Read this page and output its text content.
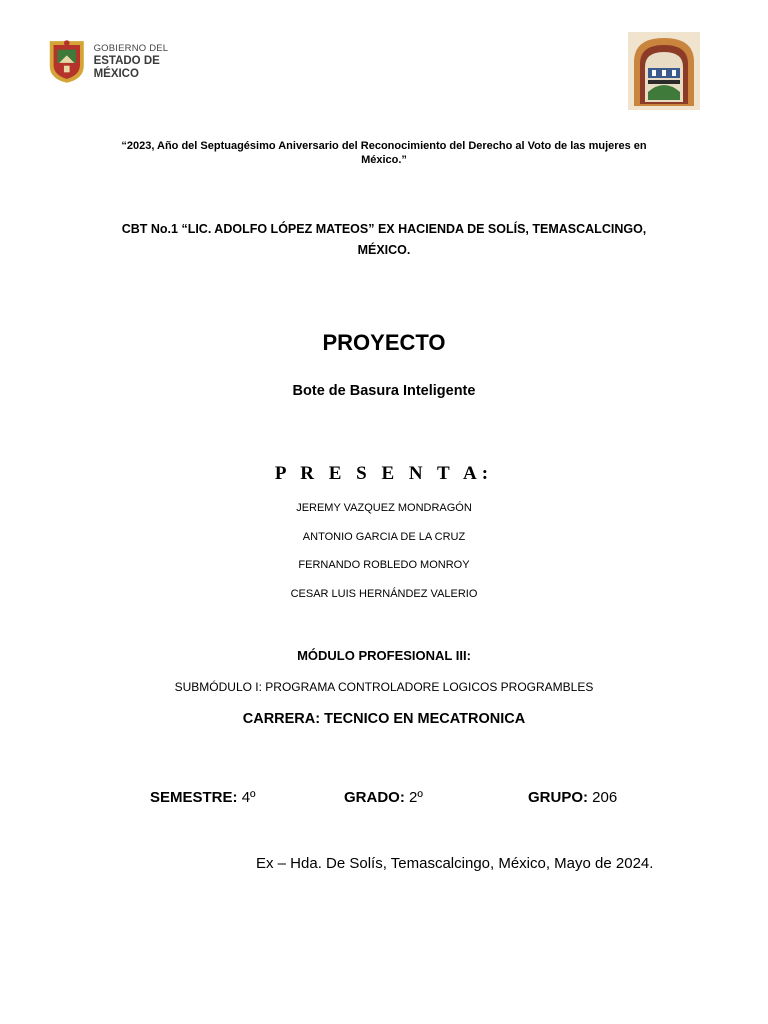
GOBIERNO DEL
ESTADO DE MÉXICO
“2023, Año del Septuagésimo Aniversario del Reconocimiento del Derecho al Voto de las mujeres en
México.”
CBT No.1 “LIC. ADOLFO LÓPEZ MATEOS” EX HACIENDA DE SOLÍS, TEMASCALCINGO,
MÉXICO.
PROYECTO
Bote de Basura Inteligente
P R E S E N T A:
JEREMY VAZQUEZ MONDRAGÓN
ANTONIO GARCIA DE LA CRUZ
FERNANDO ROBLEDO MONROY
CESAR LUIS HERNÁNDEZ VALERIO
MÓDULO PROFESIONAL III:
SUBMÓDULO I: PROGRAMA CONTROLADORE LOGICOS PROGRAMBLES
CARRERA: TECNICO EN MECATRONICA
SEMESTRE: 4º	GRADO: 2º	GRUPO: 206
Ex – Hda. De Solís, Temascalcingo, México, Mayo de 2024.
